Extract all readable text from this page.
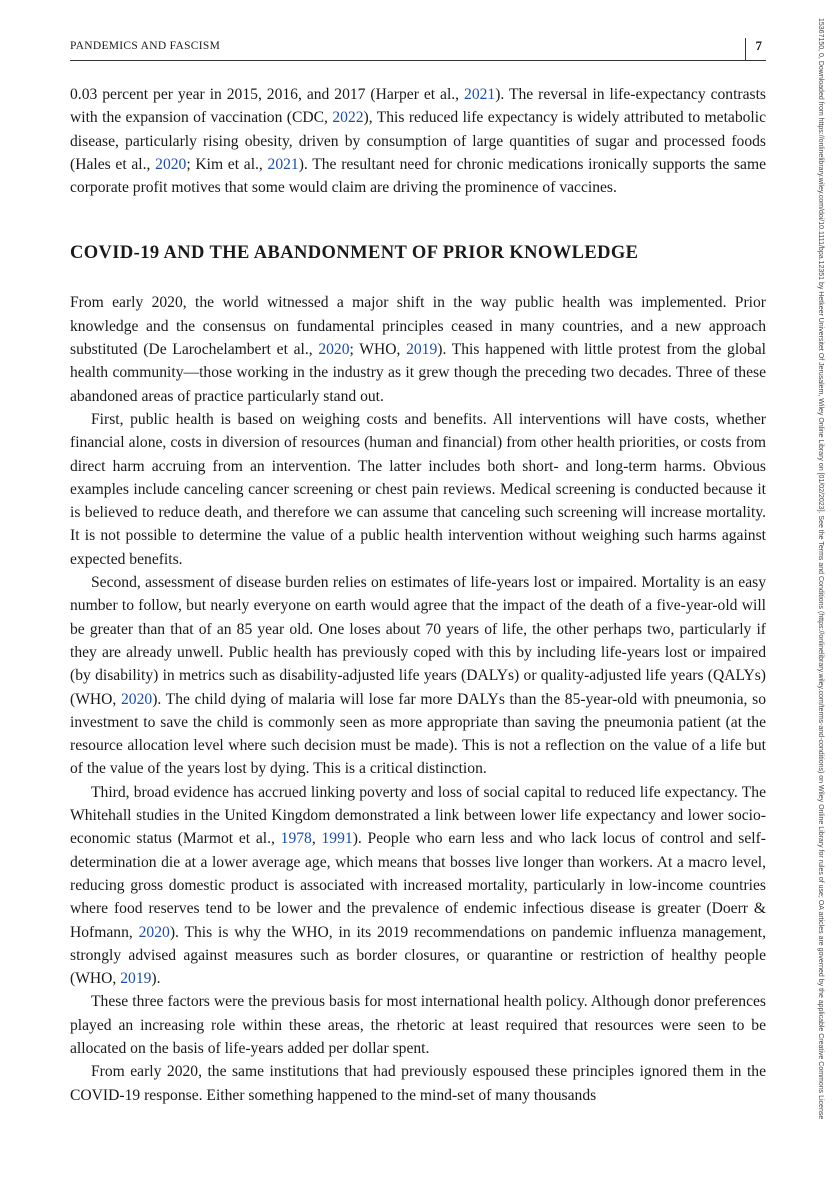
PANDEMICS AND FASCISM	7

0.03 percent per year in 2015, 2016, and 2017 (Harper et al., 2021). The reversal in life-expectancy contrasts with the expansion of vaccination (CDC, 2022), This reduced life expectancy is widely attributed to metabolic disease, particularly rising obesity, driven by consumption of large quantities of sugar and processed foods (Hales et al., 2020; Kim et al., 2021). The resultant need for chronic medications ironically supports the same corporate profit motives that some would claim are driving the prominence of vaccines.

COVID-19 AND THE ABANDONMENT OF PRIOR KNOWLEDGE

From early 2020, the world witnessed a major shift in the way public health was implemented. Prior knowledge and the consensus on fundamental principles ceased in many countries, and a new approach substituted (De Larochelambert et al., 2020; WHO, 2019). This happened with little protest from the global health community—those working in the industry as it grew though the preceding two decades. Three of these abandoned areas of practice particularly stand out.

First, public health is based on weighing costs and benefits. All interventions will have costs, whether financial alone, costs in diversion of resources (human and financial) from other health priorities, or costs from direct harm accruing from an intervention. The latter includes both short- and long-term harms. Obvious examples include canceling cancer screening or chest pain reviews. Medical screening is conducted because it is believed to reduce death, and therefore we can assume that canceling such screening will increase mortality. It is not possible to determine the value of a public health intervention without weighing such harms against expected benefits.

Second, assessment of disease burden relies on estimates of life-years lost or impaired. Mortality is an easy number to follow, but nearly everyone on earth would agree that the impact of the death of a five-year-old will be greater than that of an 85 year old. One loses about 70 years of life, the other perhaps two, particularly if they are already unwell. Public health has previously coped with this by including life-years lost or impaired (by disability) in metrics such as disability-adjusted life years (DALYs) or quality-adjusted life years (QALYs) (WHO, 2020). The child dying of malaria will lose far more DALYs than the 85-year-old with pneumonia, so investment to save the child is commonly seen as more appropriate than saving the pneumonia patient (at the resource allocation level where such decision must be made). This is not a reflection on the value of a life but of the value of the years lost by dying. This is a critical distinction.

Third, broad evidence has accrued linking poverty and loss of social capital to reduced life expectancy. The Whitehall studies in the United Kingdom demonstrated a link between lower life expectancy and lower socio-economic status (Marmot et al., 1978, 1991). People who earn less and who lack locus of control and self-determination die at a lower average age, which means that bosses live longer than workers. At a macro level, reducing gross domestic product is associated with increased mortality, particularly in low-income countries where food reserves tend to be lower and the prevalence of endemic infectious disease is greater (Doerr & Hofmann, 2020). This is why the WHO, in its 2019 recommendations on pandemic influenza management, strongly advised against measures such as border closures, or quarantine or restriction of healthy people (WHO, 2019).

These three factors were the previous basis for most international health policy. Although donor preferences played an increasing role within these areas, the rhetoric at least required that resources were seen to be allocated on the basis of life-years added per dollar spent.

From early 2020, the same institutions that had previously espoused these principles ignored them in the COVID-19 response. Either something happened to the mind-set of many thousands	15367150, 0, Downloaded from https://onlinelibrary.wiley.com/doi/10.1111/bpa.12351 by Hetkeer Universitet Of Jerusalem, Wiley Online Library on [01/02/2023]. See the Terms and Conditions (https://onlinelibrary.wiley.com/terms-and-conditions) on Wiley Online Library for rules of use; OA articles are governed by the applicable Creative Commons License
